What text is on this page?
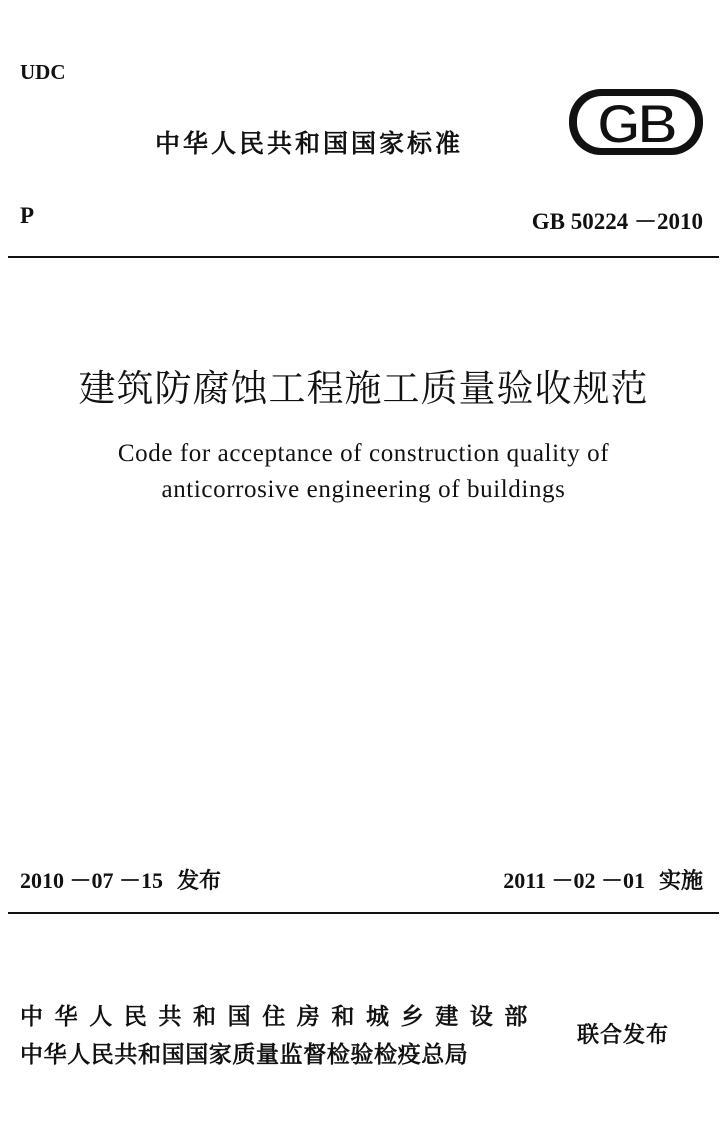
UDC
中华人民共和国国家标准 GB
P	GB 50224 －2010
建筑防腐蚀工程施工质量验收规范
Code for acceptance of construction quality of
anticorrosive engineering of buildings
2010 －07 －15 发布	2011 －02 －01 实施
中华人民共和国住房和城乡建设部
中华人民共和国国家质量监督检验检疫总局
联合发布
